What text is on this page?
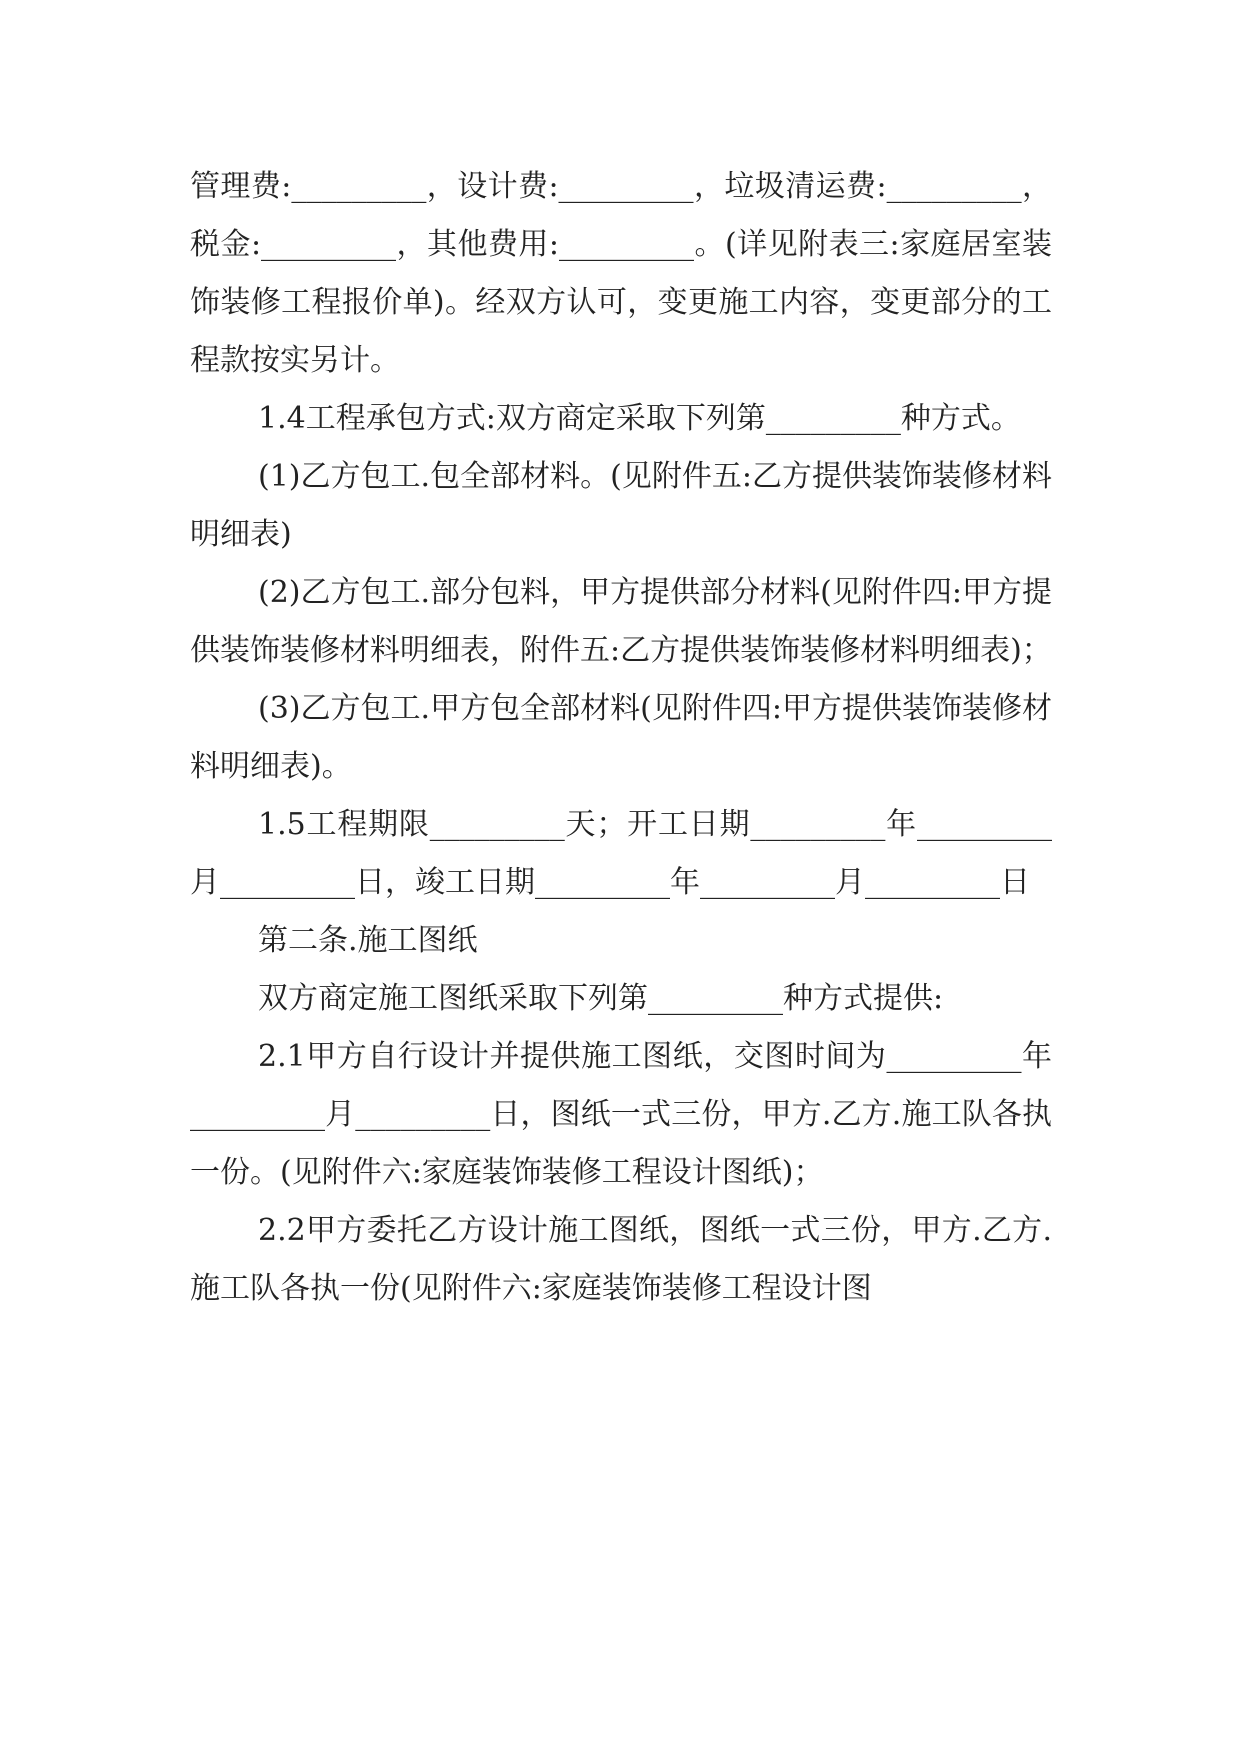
管理费:_________，设计费:_________，垃圾清运费:_________，税金:_________，其他费用:_________。(详见附表三:家庭居室装饰装修工程报价单)。经双方认可，变更施工内容，变更部分的工程款按实另计。

1.4工程承包方式:双方商定采取下列第_________种方式。

(1)乙方包工.包全部材料。(见附件五:乙方提供装饰装修材料明细表)

(2)乙方包工.部分包料，甲方提供部分材料(见附件四:甲方提供装饰装修材料明细表，附件五:乙方提供装饰装修材料明细表)；

(3)乙方包工.甲方包全部材料(见附件四:甲方提供装饰装修材料明细表)。

1.5工程期限_________天；开工日期_________年_________月_________日，竣工日期_________年_________月_________日

第二条.施工图纸

双方商定施工图纸采取下列第_________种方式提供:

2.1甲方自行设计并提供施工图纸，交图时间为_________年_________月_________日，图纸一式三份，甲方.乙方.施工队各执一份。(见附件六:家庭装饰装修工程设计图纸)；

2.2甲方委托乙方设计施工图纸，图纸一式三份，甲方.乙方.施工队各执一份(见附件六:家庭装饰装修工程设计图
